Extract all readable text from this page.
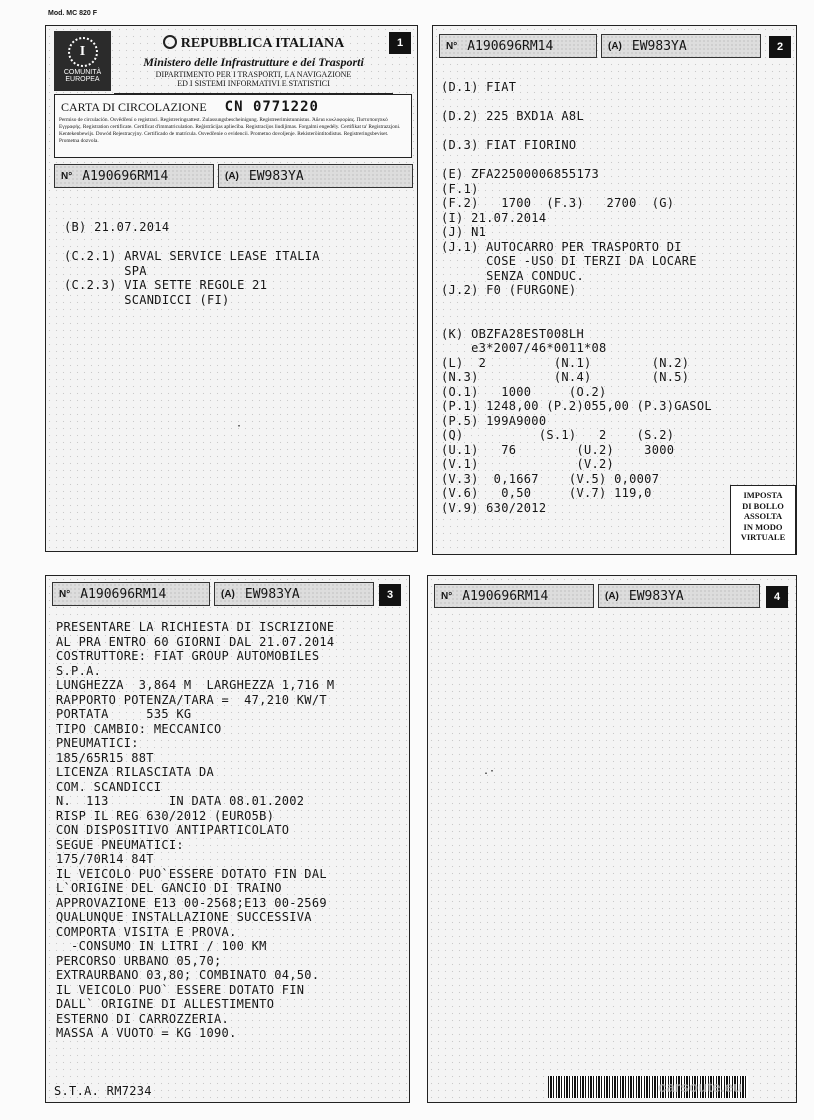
Mod. MC 820 F
I
COMUNITÀ
EUROPEA
REPUBBLICA ITALIANA
Ministero delle Infrastrutture e dei Trasporti
DIPARTIMENTO PER I TRASPORTI, LA NAVIGAZIONE
ED I SISTEMI INFORMATIVI E STATISTICI
1
CARTA DI CIRCOLAZIONE CN 0771220
Permiso de circulación. Osvědčení o registraci. Registreringsattest. Zulassungsbescheinigung. Registreerimistunnistus. Άδεια κυκλοφορίας. Πιστοποιητικό Εγγραφής. Registration certificate. Certificat d'immatriculation. Reģistrācijas apliecība. Registracijos liudijimas. Forgalmi engedély. Certifikat ta' Registrazzjoni. Kentekenbewijs. Dowód Rejestracyjny. Certificado de matrícula. Osvedčenie o evidencii. Prometno dovoljenje. Rekisteröintitodistus. Registreringsbeviset. Prometna dozvola.
N° A190696RM14	(A) EW983YA
(B) 21.07.2014

(C.2.1) ARVAL SERVICE LEASE ITALIA
SPA
(C.2.3) VIA SETTE REGOLE 21
SCANDICCI (FI)
·
N° A190696RM14	(A) EW983YA	2
(D.1) FIAT

(D.2) 225 BXD1A A8L

(D.3) FIAT FIORINO

(E) ZFA22500006855173
(F.1)
(F.2)   1700  (F.3)   2700  (G)
(I) 21.07.2014
(J) N1
(J.1) AUTOCARRO PER TRASPORTO DI
COSE -USO DI TERZI DA LOCARE
SENZA CONDUC.
(J.2) F0 (FURGONE)

(K) OBZFA28EST008LH
e3*2007/46*0011*08
(L)  2         (N.1)        (N.2)
(N.3)          (N.4)        (N.5)
(O.1)   1000     (O.2)
(P.1) 1248,00 (P.2)055,00 (P.3)GASOL
(P.5) 199A9000
(Q)          (S.1)   2    (S.2)
(U.1)   76        (U.2)    3000
(V.1)             (V.2)
(V.3)  0,1667    (V.5) 0,0007
(V.6)   0,50     (V.7) 119,0
(V.9) 630/2012
IMPOSTA
DI BOLLO
ASSOLTA
IN MODO
VIRTUALE
N° A190696RM14	(A) EW983YA	3
PRESENTARE LA RICHIESTA DI ISCRIZIONE
AL PRA ENTRO 60 GIORNI DAL 21.07.2014
COSTRUTTORE: FIAT GROUP AUTOMOBILES
S.P.A.
LUNGHEZZA  3,864 M  LARGHEZZA 1,716 M
RAPPORTO POTENZA/TARA =  47,210 KW/T
PORTATA     535 KG
TIPO CAMBIO: MECCANICO
PNEUMATICI:
185/65R15 88T
LICENZA RILASCIATA DA
COM. SCANDICCI
N.  113        IN DATA 08.01.2002
RISP IL REG 630/2012 (EURO5B)
CON DISPOSITIVO ANTIPARTICOLATO
SEGUE PNEUMATICI:
175/70R14 84T
IL VEICOLO PUO`ESSERE DOTATO FIN DAL
L`ORIGINE DEL GANCIO DI TRAINO
APPROVAZIONE E13 00-2568;E13 00-2569
QUALUNQUE INSTALLAZIONE SUCCESSIVA
COMPORTA VISITA E PROVA.
-CONSUMO IN LITRI / 100 KM
PERCORSO URBANO 05,70;
EXTRAURBANO 03,80; COMBINATO 04,50.
IL VEICOLO PUO` ESSERE DOTATO FIN
DALL` ORIGINE DI ALLESTIMENTO
ESTERNO DI CARROZZERIA.
MASSA A VUOTO = KG 1090.
S.T.A. RM7234
N° A190696RM14	(A) EW983YA	4
.·
carsoute.eu
